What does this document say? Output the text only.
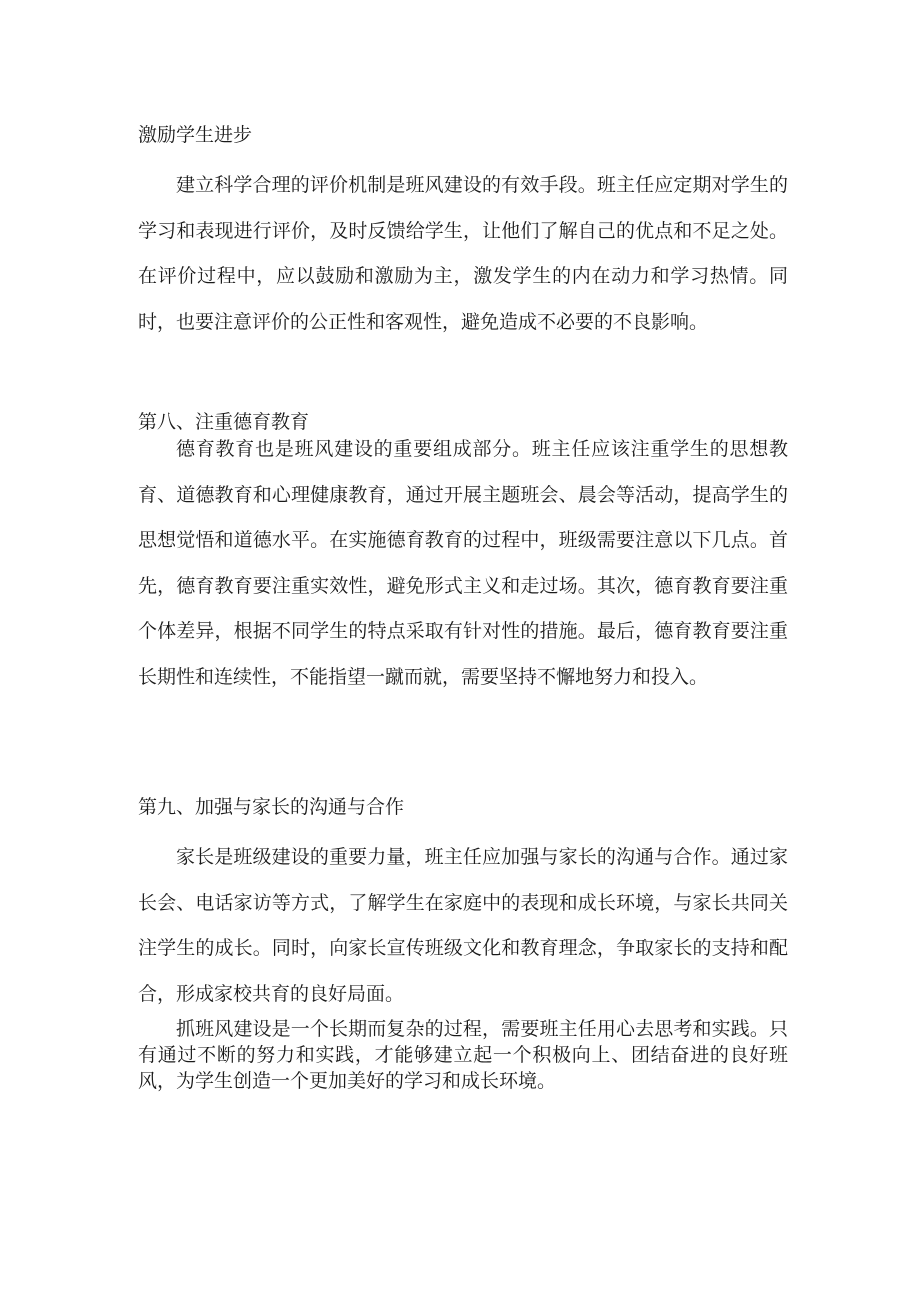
激励学生进步
建立科学合理的评价机制是班风建设的有效手段。班主任应定期对学生的学习和表现进行评价，及时反馈给学生，让他们了解自己的优点和不足之处。在评价过程中，应以鼓励和激励为主，激发学生的内在动力和学习热情。同时，也要注意评价的公正性和客观性，避免造成不必要的不良影响。
第八、注重德育教育
德育教育也是班风建设的重要组成部分。班主任应该注重学生的思想教育、道德教育和心理健康教育，通过开展主题班会、晨会等活动，提高学生的思想觉悟和道德水平。在实施德育教育的过程中，班级需要注意以下几点。首先，德育教育要注重实效性，避免形式主义和走过场。其次，德育教育要注重个体差异，根据不同学生的特点采取有针对性的措施。最后，德育教育要注重长期性和连续性，不能指望一蹴而就，需要坚持不懈地努力和投入。
第九、加强与家长的沟通与合作
家长是班级建设的重要力量，班主任应加强与家长的沟通与合作。通过家长会、电话家访等方式，了解学生在家庭中的表现和成长环境，与家长共同关注学生的成长。同时，向家长宣传班级文化和教育理念，争取家长的支持和配合，形成家校共育的良好局面。
抓班风建设是一个长期而复杂的过程，需要班主任用心去思考和实践。只有通过不断的努力和实践，才能够建立起一个积极向上、团结奋进的良好班风，为学生创造一个更加美好的学习和成长环境。
